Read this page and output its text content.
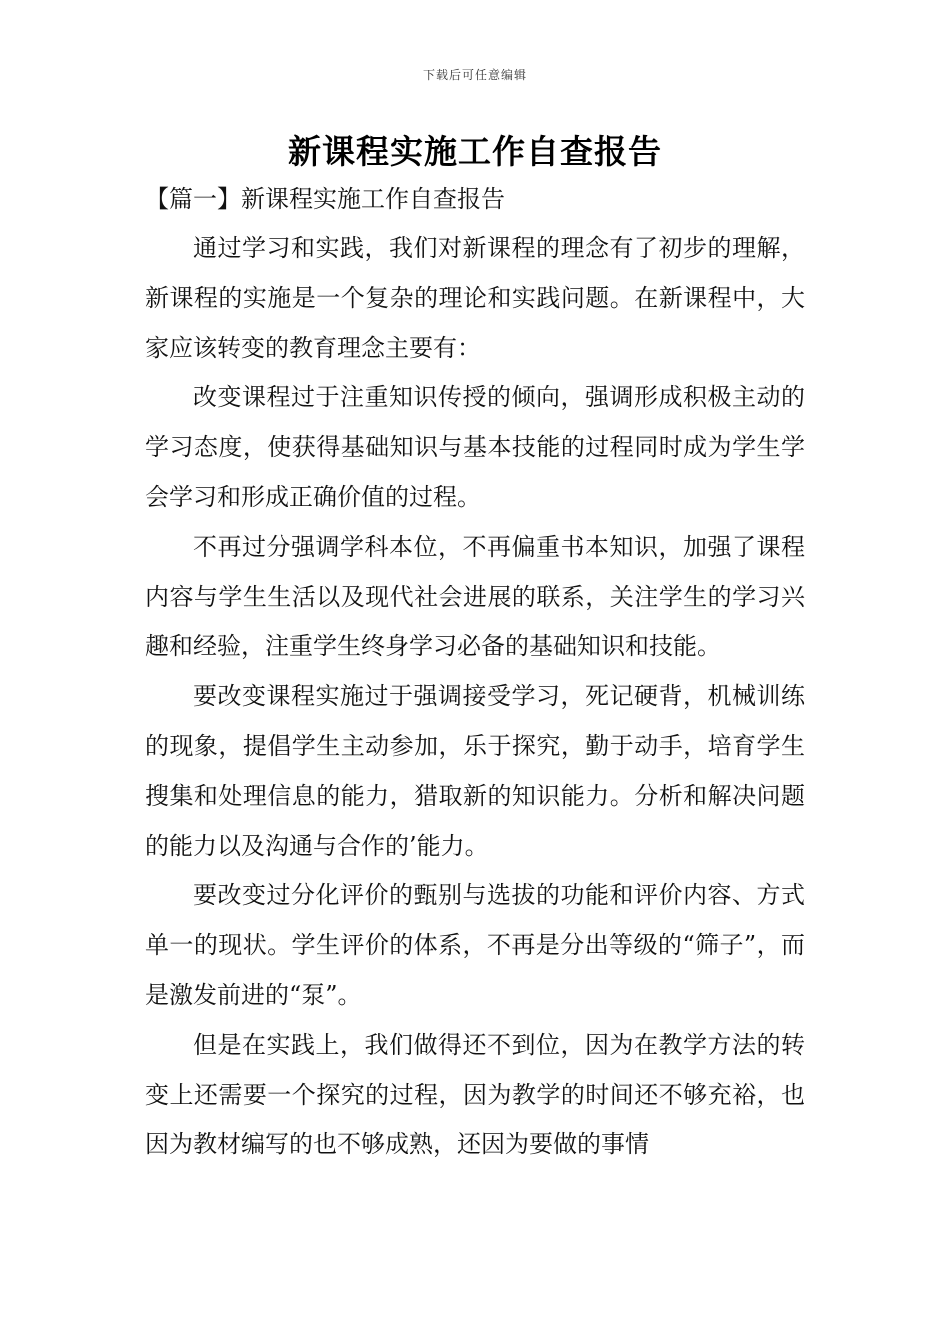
下载后可任意编辑
新课程实施工作自查报告
【篇一】新课程实施工作自查报告

通过学习和实践，我们对新课程的理念有了初步的理解，新课程的实施是一个复杂的理论和实践问题。在新课程中，大家应该转变的教育理念主要有：

改变课程过于注重知识传授的倾向，强调形成积极主动的学习态度，使获得基础知识与基本技能的过程同时成为学生学会学习和形成正确价值的过程。

不再过分强调学科本位，不再偏重书本知识，加强了课程内容与学生生活以及现代社会进展的联系，关注学生的学习兴趣和经验，注重学生终身学习必备的基础知识和技能。

要改变课程实施过于强调接受学习，死记硬背，机械训练的现象，提倡学生主动参加，乐于探究，勤于动手，培育学生搜集和处理信息的能力，猎取新的知识能力。分析和解决问题的能力以及沟通与合作的’能力。

要改变过分化评价的甄别与选拔的功能和评价内容、方式单一的现状。学生评价的体系，不再是分出等级的“筛子”，而是激发前进的“泵”。

但是在实践上，我们做得还不到位，因为在教学方法的转变上还需要一个探究的过程，因为教学的时间还不够充裕，也因为教材编写的也不够成熟，还因为要做的事情
